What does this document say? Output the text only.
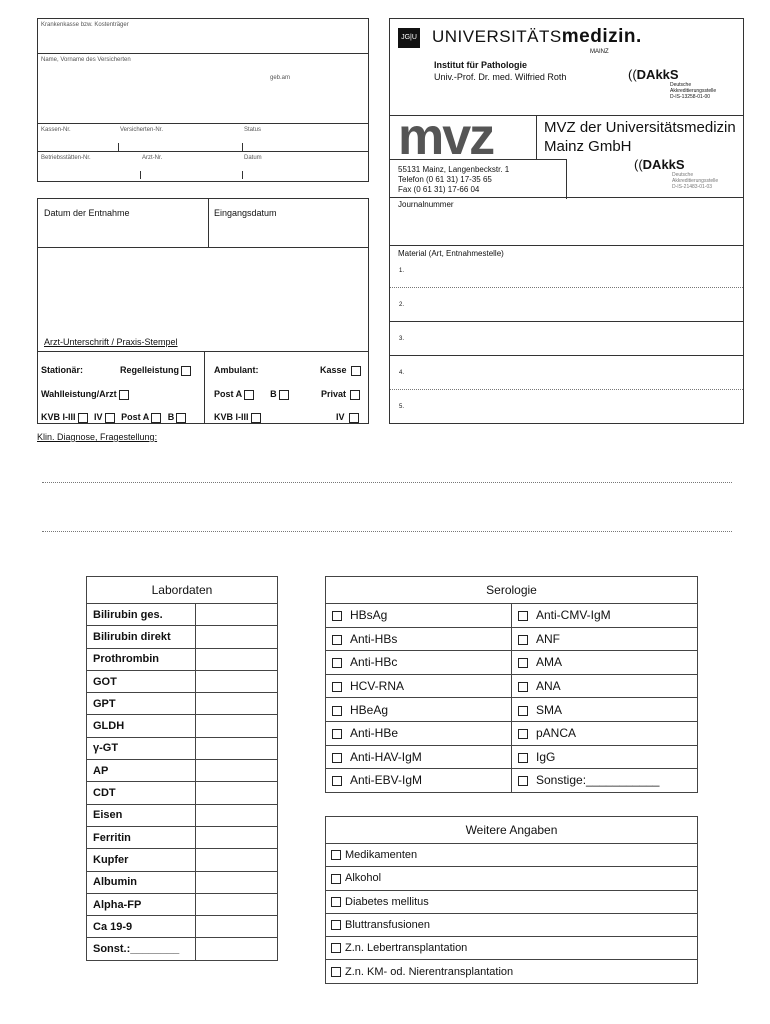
Krankenkasse bzw. Kostenträger
Name, Vorname des Versicherten
geb.am
Kassen-Nr.	Versicherten-Nr.	Status
Betriebsstätten-Nr.	Arzt-Nr.	Datum
JG|U UNIVERSITÄTSmedizin.
MAINZ
Institut für Pathologie
Univ.-Prof. Dr. med. Wilfried Roth	((DAkkS
Deutsche
Akkreditierungsstelle
D-IS-13258-01-00
mvz	MVZ der Universitätsmedizin
Mainz GmbH
55131 Mainz, Langenbeckstr. 1
Telefon (0 61 31) 17-35 65
Fax (0 61 31) 17-66 04
((DAkkS
Deutsche
Akkreditierungsstelle
D-IS-21483-01-03
Journalnummer
Material (Art, Entnahmestelle)
1.
2.
3.
4.
5.
Datum der Entnahme	Eingangsdatum
Arzt-Unterschrift / Praxis-Stempel
Stationär:	Regelleistung
Wahlleistung/Arzt
KVB I-III IV Post A B
Ambulant:	Kasse
Post A	B	Privat
KVB I-III	IV
Klin. Diagnose, Fragestellung:
Labordaten	
Bilirubin ges.	
Bilirubin direkt	
Prothrombin	
GOT	
GPT	
GLDH	
γ-GT	
AP	
CDT	
Eisen	
Ferritin	
Kupfer	
Albumin	
Alpha-FP	
Ca 19-9	
Sonst.:________	
Serologie	
HBsAg	Anti-CMV-IgM
Anti-HBs	ANF
Anti-HBc	AMA
HCV-RNA	ANA
HBeAg	SMA
Anti-HBe	pANCA
Anti-HAV-IgM	IgG
Anti-EBV-IgM	Sonstige:___________
Weitere Angaben
Medikamenten
Alkohol
Diabetes mellitus
Bluttransfusionen
Z.n. Lebertransplantation
Z.n. KM- od. Nierentransplantation
